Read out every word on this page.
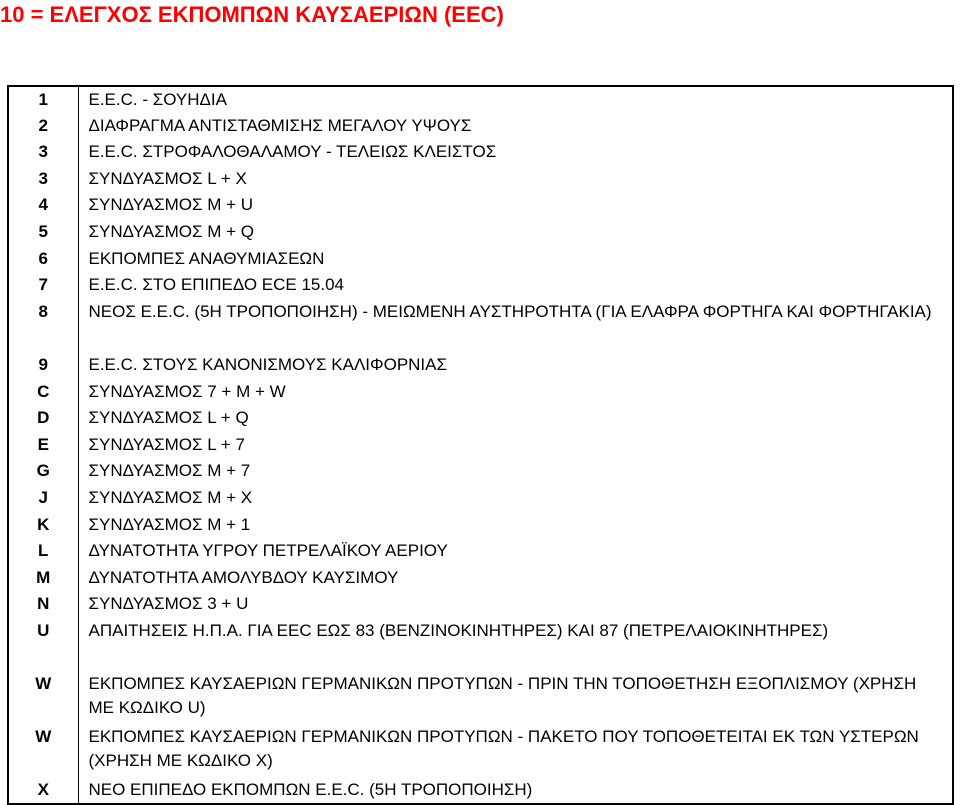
10 = ΕΛΕΓΧΟΣ ΕΚΠΟΜΠΩΝ ΚΑΥΣΑΕΡΙΩΝ (EEC)
1	E.E.C. - ΣΟΥΗΔΙΑ
2	ΔΙΑΦΡΑΓΜΑ ΑΝΤΙΣΤΑΘΜΙΣΗΣ ΜΕΓΑΛΟΥ ΥΨΟΥΣ
3	E.E.C. ΣΤΡΟΦΑΛΟΘΑΛΑΜΟΥ - ΤΕΛΕΙΩΣ ΚΛΕΙΣΤΟΣ
3	ΣΥΝΔΥΑΣΜΟΣ L + X
4	ΣΥΝΔΥΑΣΜΟΣ M + U
5	ΣΥΝΔΥΑΣΜΟΣ M + Q
6	ΕΚΠΟΜΠΕΣ ΑΝΑΘΥΜΙΑΣΕΩΝ
7	E.E.C. ΣΤΟ ΕΠΙΠΕΔΟ ECE 15.04
8	ΝΕΟΣ E.E.C. (5Η ΤΡΟΠΟΠΟΙΗΣΗ) - ΜΕΙΩΜΕΝΗ ΑΥΣΤΗΡΟΤΗΤΑ (ΓΙΑ ΕΛΑΦΡΑ ΦΟΡΤΗΓΑ ΚΑΙ ΦΟΡΤΗΓΑΚΙΑ)
9	E.E.C. ΣΤΟΥΣ ΚΑΝΟΝΙΣΜΟΥΣ ΚΑΛΙΦΟΡΝΙΑΣ
C	ΣΥΝΔΥΑΣΜΟΣ 7 + M + W
D	ΣΥΝΔΥΑΣΜΟΣ L + Q
E	ΣΥΝΔΥΑΣΜΟΣ L + 7
G	ΣΥΝΔΥΑΣΜΟΣ M + 7
J	ΣΥΝΔΥΑΣΜΟΣ M + X
K	ΣΥΝΔΥΑΣΜΟΣ M + 1
L	ΔΥΝΑΤΟΤΗΤΑ ΥΓΡΟΥ ΠΕΤΡΕΛΑΪΚΟΥ ΑΕΡΙΟΥ
M	ΔΥΝΑΤΟΤΗΤΑ ΑΜΟΛΥΒΔΟΥ ΚΑΥΣΙΜΟΥ
N	ΣΥΝΔΥΑΣΜΟΣ 3 + U
U	ΑΠΑΙΤΗΣΕΙΣ Η.Π.Α. ΓΙΑ EEC ΕΩΣ 83 (ΒΕΝΖΙΝΟΚΙΝΗΤΗΡΕΣ) ΚΑΙ 87 (ΠΕΤΡΕΛΑΙΟΚΙΝΗΤΗΡΕΣ)
W	ΕΚΠΟΜΠΕΣ ΚΑΥΣΑΕΡΙΩΝ ΓΕΡΜΑΝΙΚΩΝ ΠΡΟΤΥΠΩΝ - ΠΡΙΝ ΤΗΝ ΤΟΠΟΘΕΤΗΣΗ ΕΞΟΠΛΙΣΜΟΥ (ΧΡΗΣΗ ΜΕ ΚΩΔΙΚΟ U)
W	ΕΚΠΟΜΠΕΣ ΚΑΥΣΑΕΡΙΩΝ ΓΕΡΜΑΝΙΚΩΝ ΠΡΟΤΥΠΩΝ - ΠΑΚΕΤΟ ΠΟΥ ΤΟΠΟΘΕΤΕΙΤΑΙ ΕΚ ΤΩΝ ΥΣΤΕΡΩΝ (ΧΡΗΣΗ ΜΕ ΚΩΔΙΚΟ X)
X	ΝΕΟ ΕΠΙΠΕΔΟ ΕΚΠΟΜΠΩΝ E.E.C. (5Η ΤΡΟΠΟΠΟΙΗΣΗ)
